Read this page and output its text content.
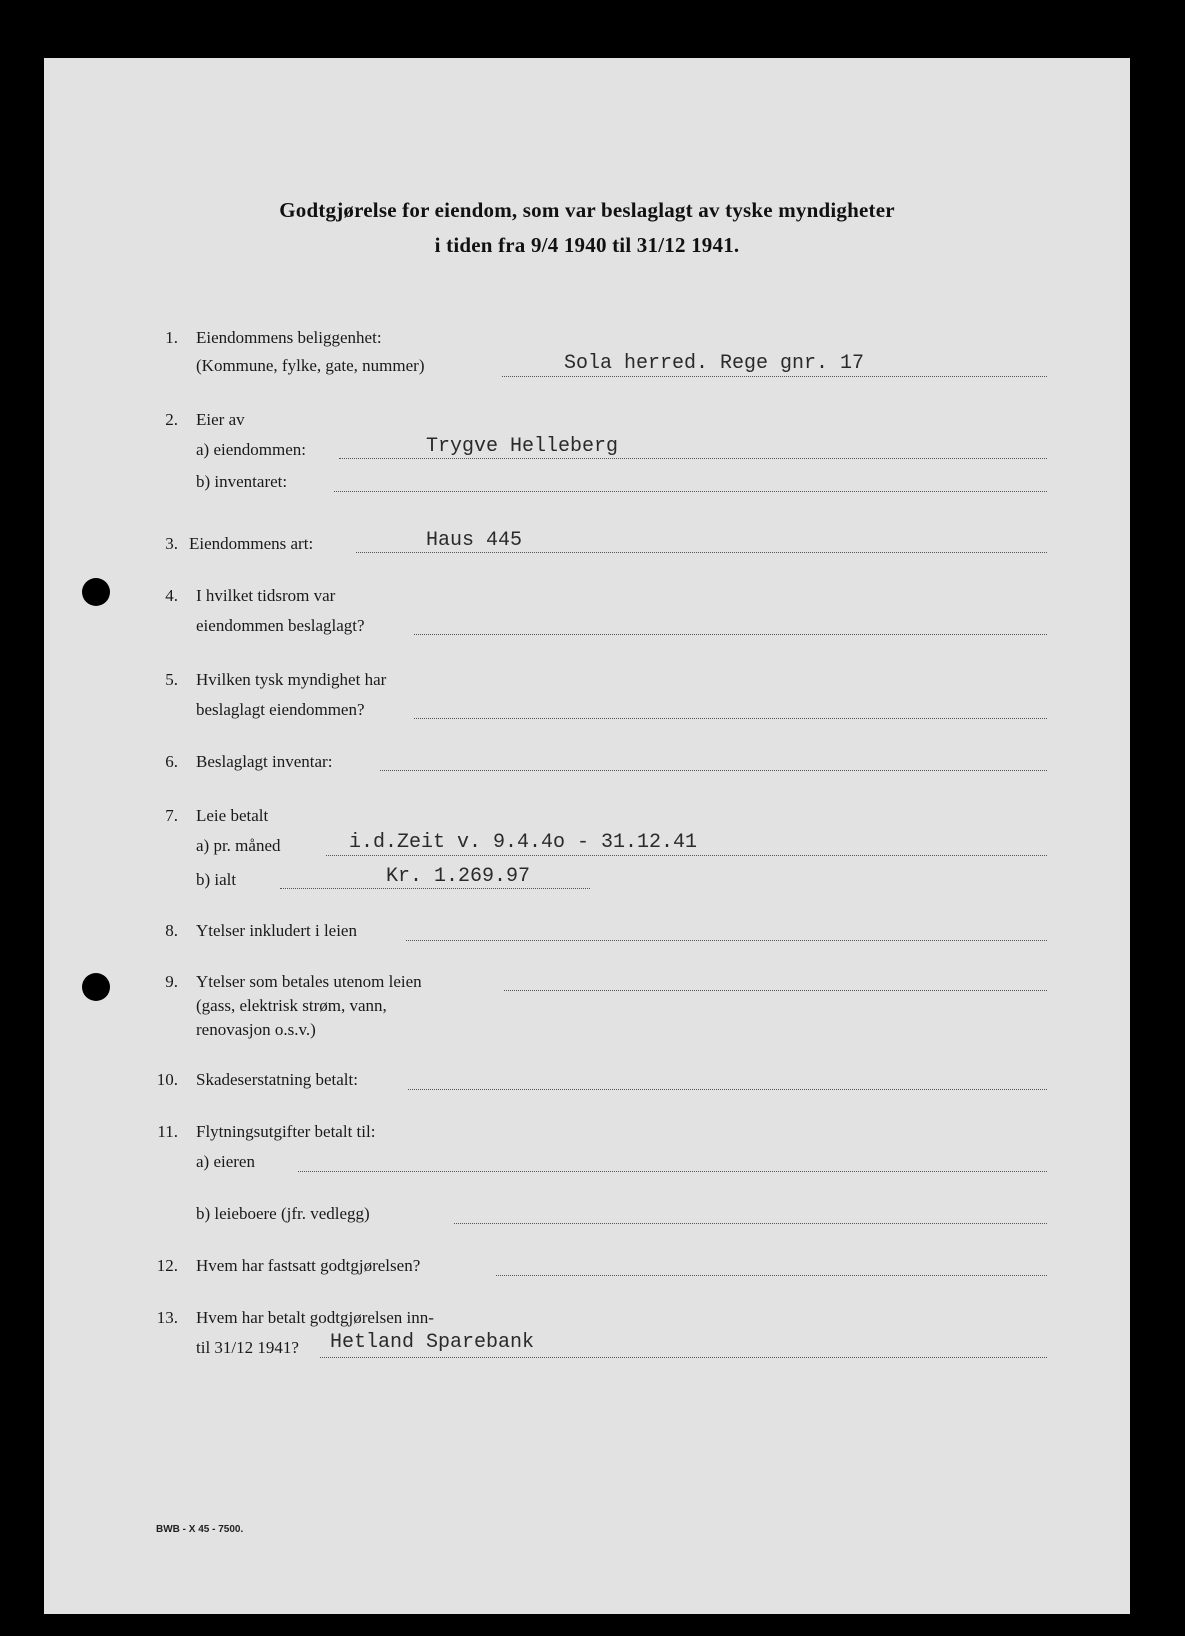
Godtgjørelse for eiendom, som var beslaglagt av tyske myndigheter
i tiden fra 9/4 1940 til 31/12 1941.
1. Eiendommens beliggenhet:
(Kommune, fylke, gate, nummer)	Sola herred. Rege gnr. 17
2. Eier av
a) eiendommen:	Trygve Helleberg
b) inventaret:
3. Eiendommens art:	Haus 445
4. I hvilket tidsrom var
eiendommen beslaglagt?
5. Hvilken tysk myndighet har
beslaglagt eiendommen?
6. Beslaglagt inventar:
7. Leie betalt
a) pr. måned	i.d.Zeit v. 9.4.4o - 31.12.41
b) ialt	Kr. 1.269.97
8. Ytelser inkludert i leien
9. Ytelser som betales utenom leien
(gass, elektrisk strøm, vann,
renovasjon o.s.v.)
10. Skadeserstatning betalt:
11. Flytningsutgifter betalt til:
a) eieren
b) leieboere (jfr. vedlegg)
12. Hvem har fastsatt godtgjørelsen?
13. Hvem har betalt godtgjørelsen inn-
til 31/12 1941? Hetland Sparebank
BWB - X 45 - 7500.
